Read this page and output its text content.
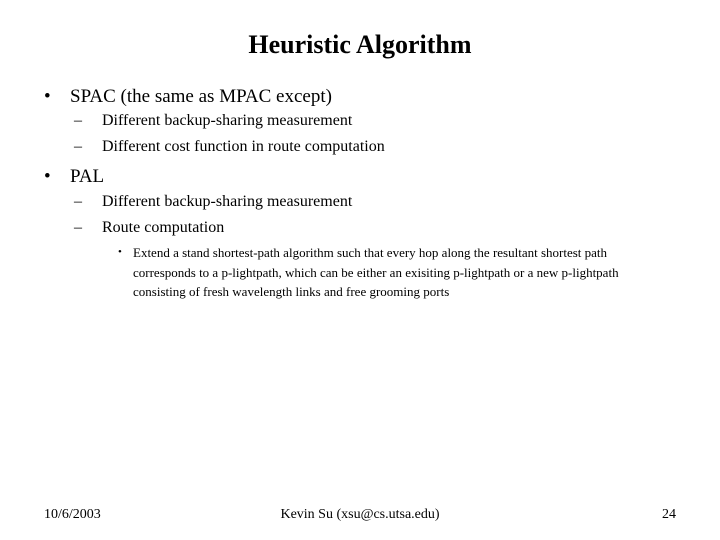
Heuristic Algorithm
• SPAC (the same as MPAC except)
– Different backup-sharing measurement
– Different cost function in route computation
• PAL
– Different backup-sharing measurement
– Route computation
• Extend a stand shortest-path algorithm such that every hop along the resultant shortest path corresponds to a p-lightpath, which can be either an exisiting p-lightpath or a new p-lightpath consisting of fresh wavelength links and free grooming ports
10/6/2003	Kevin Su (xsu@cs.utsa.edu)	24
